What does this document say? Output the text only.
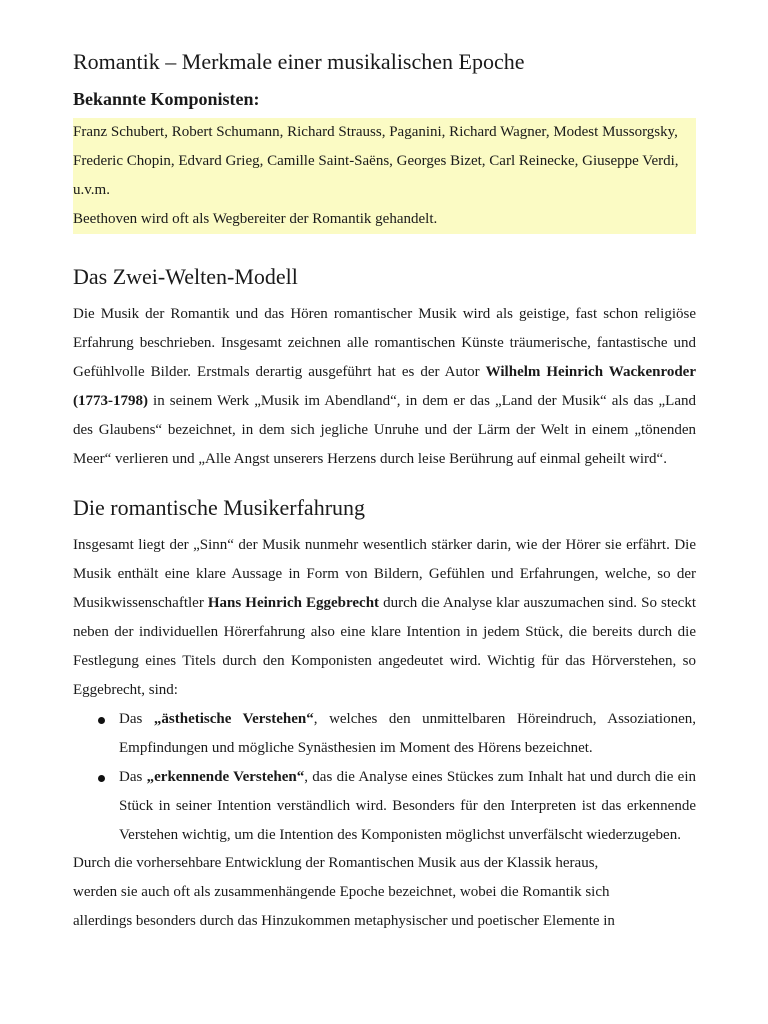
Romantik – Merkmale einer musikalischen Epoche
Bekannte Komponisten:

Franz Schubert, Robert Schumann, Richard Strauss, Paganini, Richard Wagner, Modest Mussorgsky, Frederic Chopin, Edvard Grieg, Camille Saint-Saëns, Georges Bizet, Carl Reinecke, Giuseppe Verdi, u.v.m.

Beethoven wird oft als Wegbereiter der Romantik gehandelt.

Das Zwei-Welten-Modell

Die Musik der Romantik und das Hören romantischer Musik wird als geistige, fast schon religiöse Erfahrung beschrieben. Insgesamt zeichnen alle romantischen Künste träumerische, fantastische und Gefühlvolle Bilder. Erstmals derartig ausgeführt hat es der Autor Wilhelm Heinrich Wackenroder (1773-1798) in seinem Werk „Musik im Abendland“, in dem er das „Land der Musik“ als das „Land des Glaubens“ bezeichnet, in dem sich jegliche Unruhe und der Lärm der Welt in einem „tönenden Meer“ verlieren und „Alle Angst unserers Herzens durch leise Berührung auf einmal geheilt wird“.

Die romantische Musikerfahrung

Insgesamt liegt der „Sinn“ der Musik nunmehr wesentlich stärker darin, wie der Hörer sie erfährt. Die Musik enthält eine klare Aussage in Form von Bildern, Gefühlen und Erfahrungen, welche, so der Musikwissenschaftler Hans Heinrich Eggebrecht durch die Analyse klar auszumachen sind. So steckt neben der individuellen Hörerfahrung also eine klare Intention in jedem Stück, die bereits durch die Festlegung eines Titels durch den Komponisten angedeutet wird. Wichtig für das Hörverstehen, so Eggebrecht, sind:

Das „ästhetische Verstehen“, welches den unmittelbaren Höreindruch, Assoziationen, Empfindungen und mögliche Synästhesien im Moment des Hörens bezeichnet.
Das „erkennende Verstehen“, das die Analyse eines Stückes zum Inhalt hat und durch die ein Stück in seiner Intention verständlich wird. Besonders für den Interpreten ist das erkennende Verstehen wichtig, um die Intention des Komponisten möglichst unverfälscht wiederzugeben.

Durch die vorhersehbare Entwicklung der Romantischen Musik aus der Klassik heraus,
werden sie auch oft als zusammenhängende Epoche bezeichnet, wobei die Romantik sich
allerdings besonders durch das Hinzukommen metaphysischer und poetischer Elemente in
